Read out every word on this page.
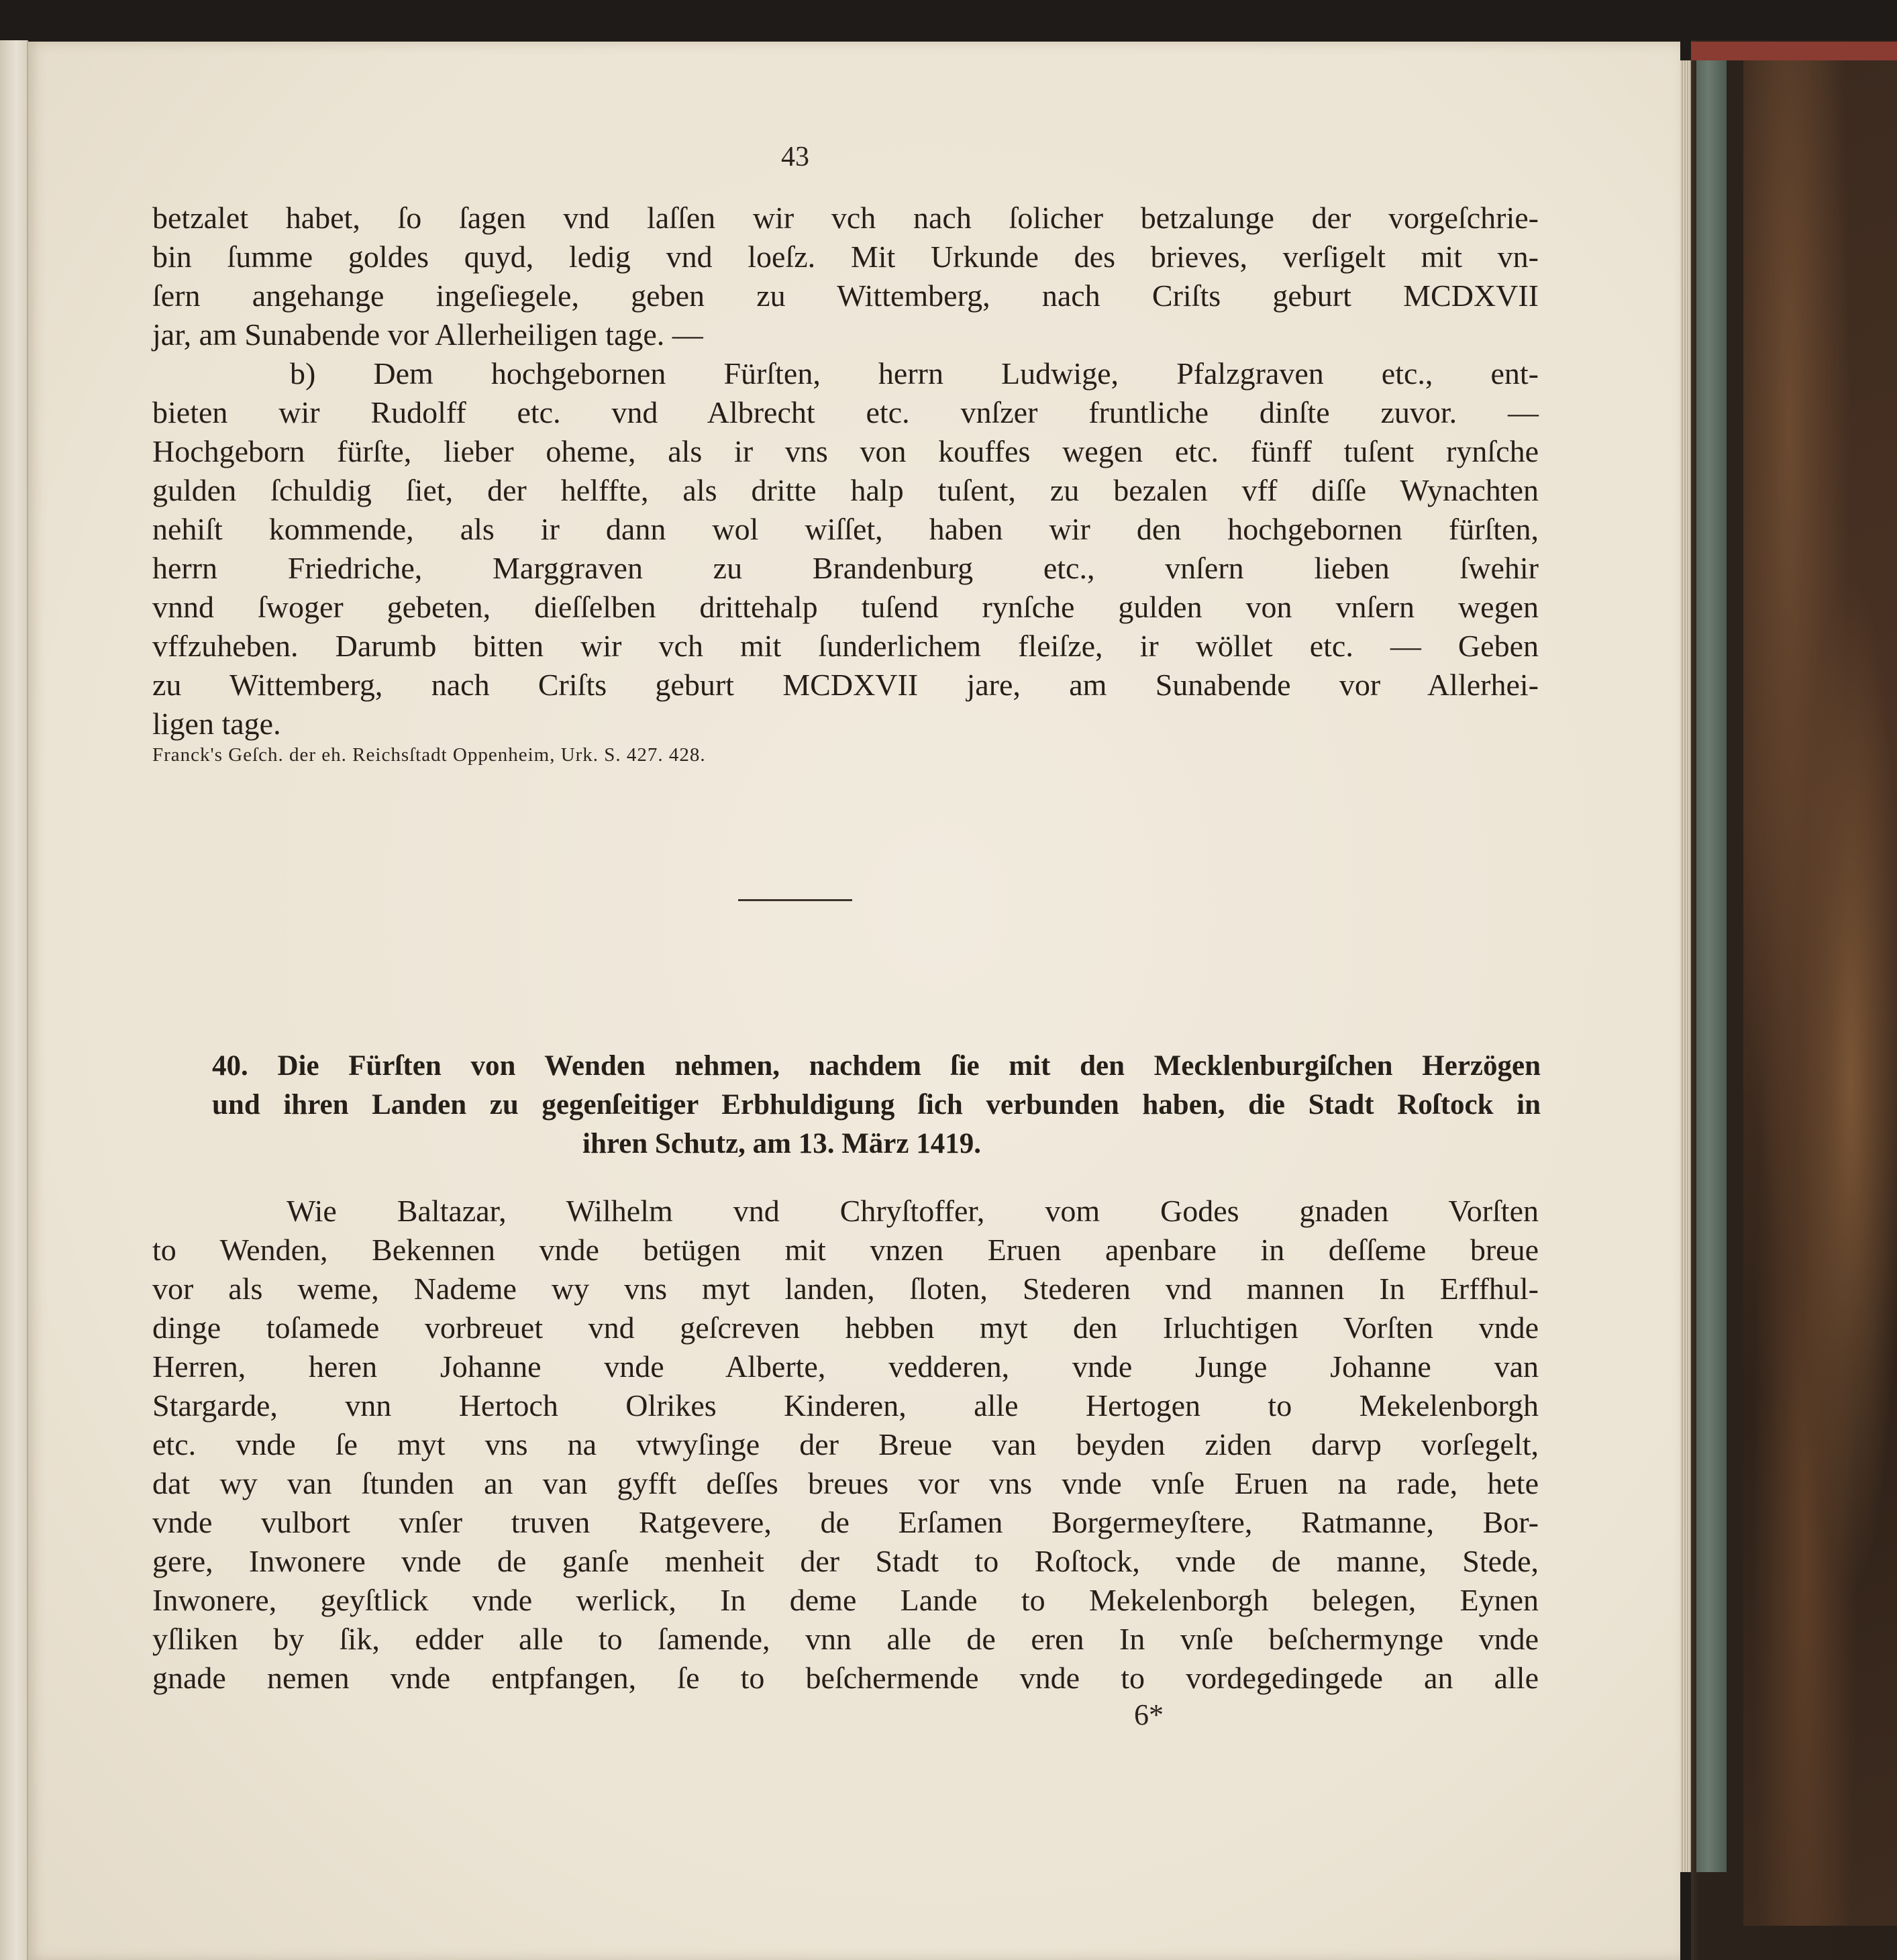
43
betzalet habet, ſo ſagen vnd laſſen wir vch nach ſolicher betzalunge der vorgeſchrie-
bin ſumme goldes quyd, ledig vnd loeſz. Mit Urkunde des brieves, verſigelt mit vn-
ſern angehange ingeſiegele, geben zu Wittemberg, nach Criſts geburt MCDXVII
jar, am Sunabende vor Allerheiligen tage. —
b) Dem hochgebornen Fürſten, herrn Ludwige, Pfalzgraven etc., ent-
bieten wir Rudolff etc. vnd Albrecht etc. vnſzer fruntliche dinſte zuvor. —
Hochgeborn fürſte, lieber oheme, als ir vns von kouffes wegen etc. fünff tuſent rynſche
gulden ſchuldig ſiet, der helffte, als dritte halp tuſent, zu bezalen vff diſſe Wynachten
nehiſt kommende, als ir dann wol wiſſet, haben wir den hochgebornen fürſten,
herrn Friedriche, Marggraven zu Brandenburg etc., vnſern lieben ſwehir
vnnd ſwoger gebeten, dieſſelben drittehalp tuſend rynſche gulden von vnſern wegen
vffzuheben. Darumb bitten wir vch mit ſunderlichem fleiſze, ir wöllet etc. — Geben
zu Wittemberg, nach Criſts geburt MCDXVII jare, am Sunabende vor Allerhei-
ligen tage.
Franck's Geſch. der eh. Reichsſtadt Oppenheim, Urk. S. 427. 428.
40. Die Fürſten von Wenden nehmen, nachdem ſie mit den Mecklenburgiſchen Herzögen
und ihren Landen zu gegenſeitiger Erbhuldigung ſich verbunden haben, die Stadt Roſtock in
ihren Schutz, am 13. März 1419.
Wie Baltazar, Wilhelm vnd Chryſtoffer, vom Godes gnaden Vorſten
to Wenden, Bekennen vnde betügen mit vnzen Eruen apenbare in deſſeme breue
vor als weme, Nademe wy vns myt landen, ſloten, Stederen vnd mannen In Erffhul-
dinge toſamede vorbreuet vnd geſcreven hebben myt den Irluchtigen Vorſten vnde
Herren, heren Johanne vnde Alberte, vedderen, vnde Junge Johanne van
Stargarde, vnn Hertoch Olrikes Kinderen, alle Hertogen to Mekelenborgh
etc. vnde ſe myt vns na vtwyſinge der Breue van beyden ziden darvp vorſegelt,
dat wy van ſtunden an van gyfft deſſes breues vor vns vnde vnſe Eruen na rade, hete
vnde vulbort vnſer truven Ratgevere, de Erſamen Borgermeyſtere, Ratmanne, Bor-
gere, Inwonere vnde de ganſe menheit der Stadt to Roſtock, vnde de manne, Stede,
Inwonere, geyſtlick vnde werlick, In deme Lande to Mekelenborgh belegen, Eynen
yſliken by ſik, edder alle to ſamende, vnn alle de eren In vnſe beſchermynge vnde
gnade nemen vnde entpfangen, ſe to beſchermende vnde to vordegedingede an alle
6*
